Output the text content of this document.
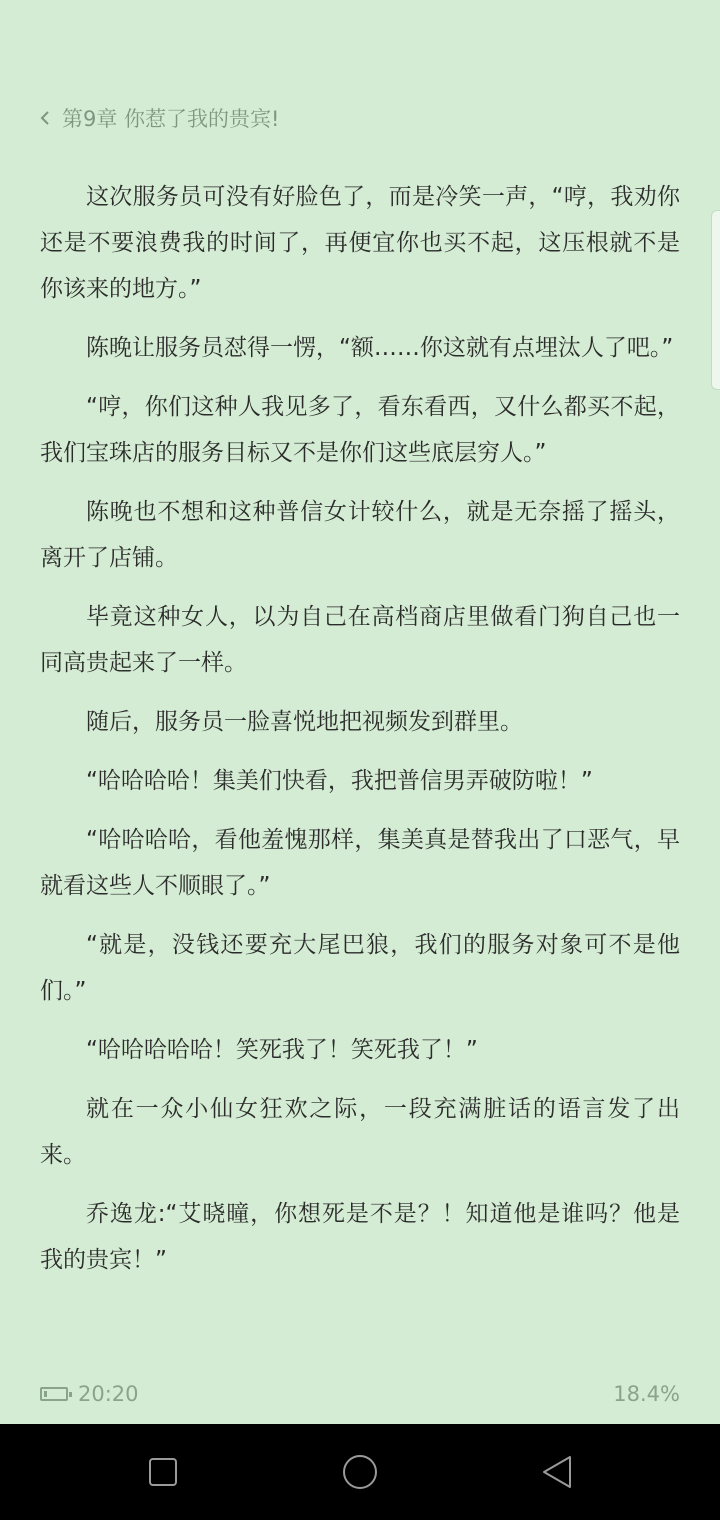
第9章 你惹了我的贵宾!

这次服务员可没有好脸色了，而是冷笑一声，“哼，我劝你还是不要浪费我的时间了，再便宜你也买不起，这压根就不是你该来的地方。”

陈晚让服务员怼得一愣，“额……你这就有点埋汰人了吧。”

“哼，你们这种人我见多了，看东看西，又什么都买不起，我们宝珠店的服务目标又不是你们这些底层穷人。”

陈晚也不想和这种普信女计较什么，就是无奈摇了摇头，离开了店铺。

毕竟这种女人，以为自己在高档商店里做看门狗自己也一同高贵起来了一样。

随后，服务员一脸喜悦地把视频发到群里。

“哈哈哈哈！集美们快看，我把普信男弄破防啦！”

“哈哈哈哈，看他羞愧那样，集美真是替我出了口恶气，早就看这些人不顺眼了。”

“就是，没钱还要充大尾巴狼，我们的服务对象可不是他们。”

“哈哈哈哈哈！笑死我了！笑死我了！”

就在一众小仙女狂欢之际，一段充满脏话的语言发了出来。

乔逸龙:“艾晓曈，你想死是不是？！知道他是谁吗？他是我的贵宾！”

20:20	18.4%
